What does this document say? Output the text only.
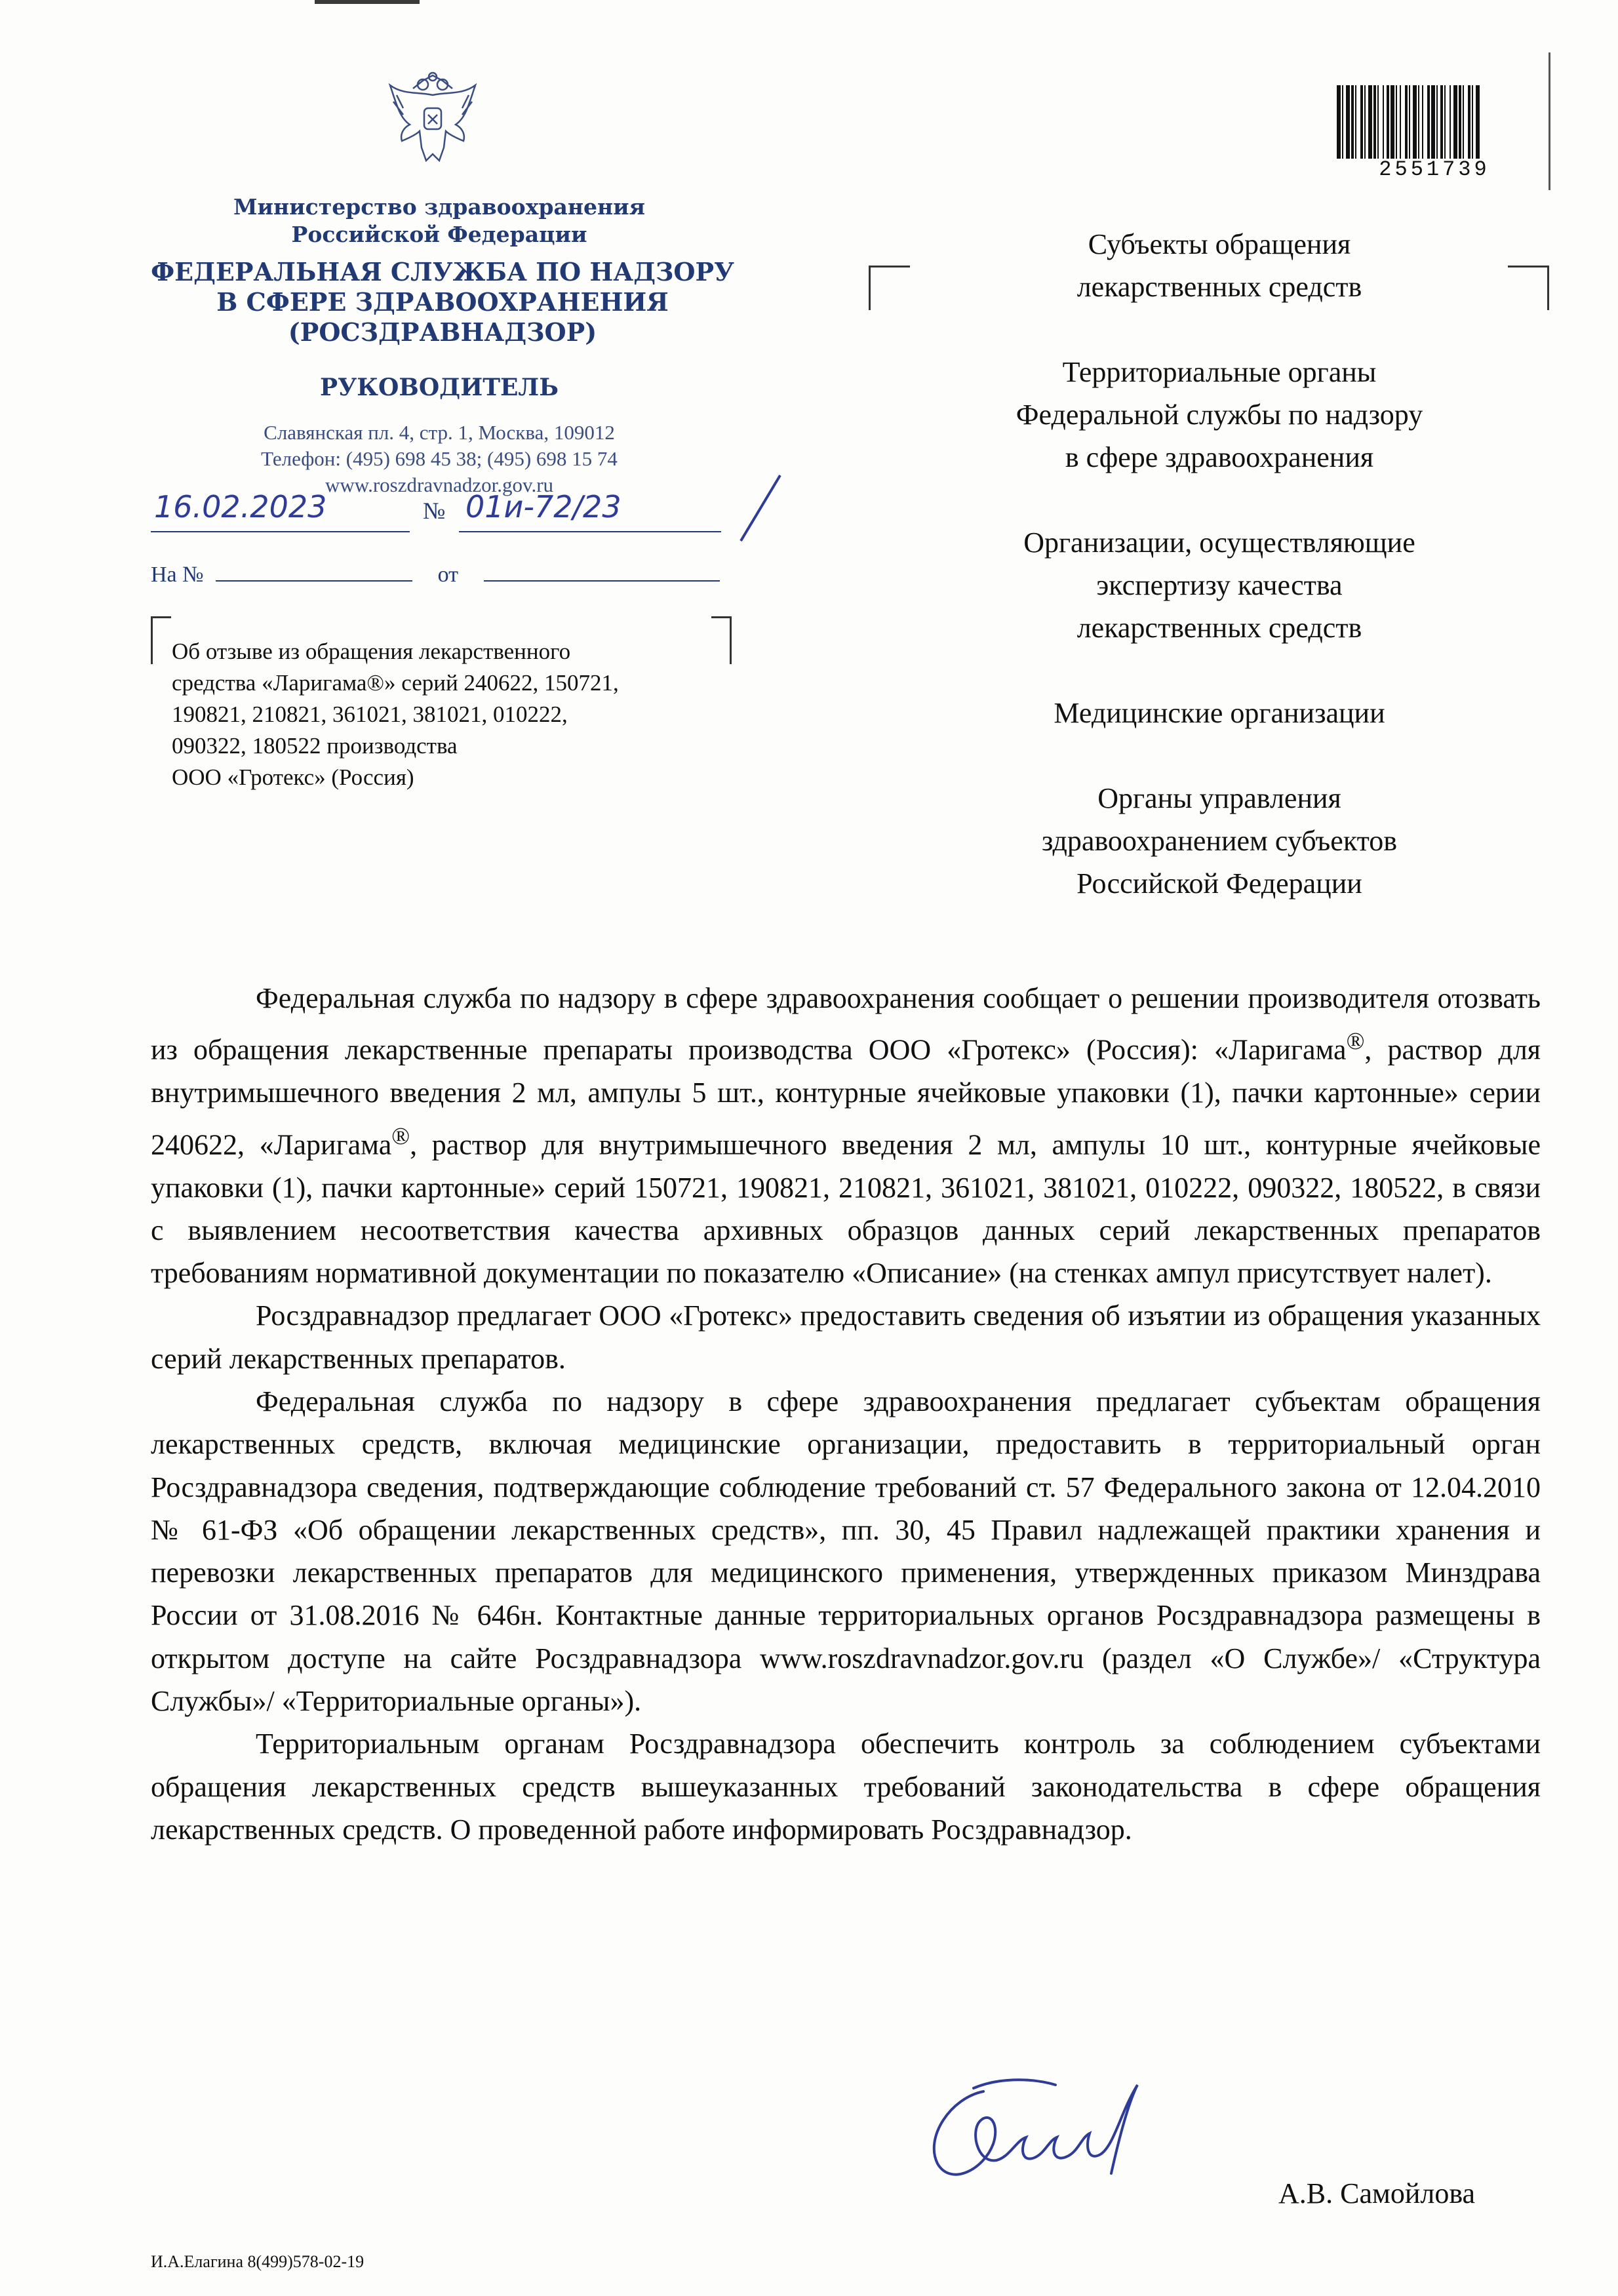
Министерство здравоохранения
Российской Федерации
ФЕДЕРАЛЬНАЯ СЛУЖБА ПО НАДЗОРУ
В СФЕРЕ ЗДРАВООХРАНЕНИЯ
(РОСЗДРАВНАДЗОР)
РУКОВОДИТЕЛЬ
Славянская пл. 4, стр. 1, Москва, 109012
Телефон: (495) 698 45 38; (495) 698 15 74
www.roszdravnadzor.gov.ru
16.02.2023	№ 01и-72/23
На №	от
Об отзыве из обращения лекарственного
средства «Ларигама®» серий 240622, 150721,
190821, 210821, 361021, 381021, 010222,
090322, 180522 производства
ООО «Гротекс» (Россия)
2551739

Субъекты обращения
лекарственных средств

Территориальные органы
Федеральной службы по надзору
в сфере здравоохранения

Организации, осуществляющие
экспертизу качества
лекарственных средств

Медицинские организации

Органы управления
здравоохранением субъектов
Российской Федерации

Федеральная служба по надзору в сфере здравоохранения сообщает о решении производителя отозвать из обращения лекарственные препараты производства ООО «Гротекс» (Россия): «Ларигама®, раствор для внутримышечного введения 2 мл, ампулы 5 шт., контурные ячейковые упаковки (1), пачки картонные» серии 240622, «Ларигама®, раствор для внутримышечного введения 2 мл, ампулы 10 шт., контурные ячейковые упаковки (1), пачки картонные» серий 150721, 190821, 210821, 361021, 381021, 010222, 090322, 180522, в связи с выявлением несоответствия качества архивных образцов данных серий лекарственных препаратов требованиям нормативной документации по показателю «Описание» (на стенках ампул присутствует налет).

Росздравнадзор предлагает ООО «Гротекс» предоставить сведения об изъятии из обращения указанных серий лекарственных препаратов.

Федеральная служба по надзору в сфере здравоохранения предлагает субъектам обращения лекарственных средств, включая медицинские организации, предоставить в территориальный орган Росздравнадзора сведения, подтверждающие соблюдение требований ст. 57 Федерального закона от 12.04.2010 № 61-ФЗ «Об обращении лекарственных средств», пп. 30, 45 Правил надлежащей практики хранения и перевозки лекарственных препаратов для медицинского применения, утвержденных приказом Минздрава России от 31.08.2016 № 646н. Контактные данные территориальных органов Росздравнадзора размещены в открытом доступе на сайте Росздравнадзора www.roszdravnadzor.gov.ru (раздел «О Службе»/ «Структура Службы»/ «Территориальные органы»).

Территориальным органам Росздравнадзора обеспечить контроль за соблюдением субъектами обращения лекарственных средств вышеуказанных требований законодательства в сфере обращения лекарственных средств. О проведенной работе информировать Росздравнадзор.

А.В. Самойлова
И.А.Елагина 8(499)578-02-19
